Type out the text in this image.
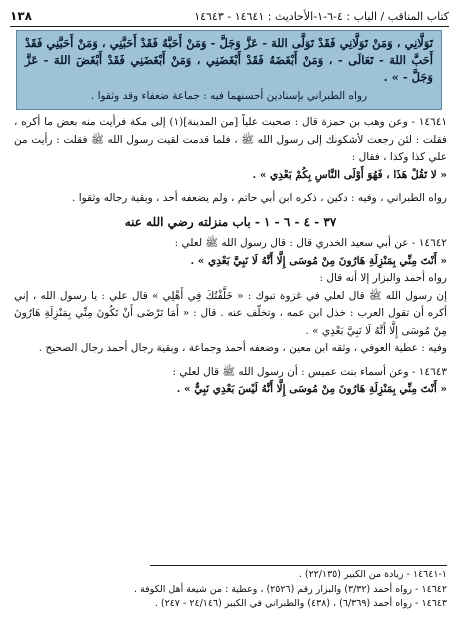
١٣٨	كتاب المناقب / الباب : ٤-٦-١-الأحاديث : ١٤٦٤١ - ١٤٦٤٣
تَوَلَّانِي ، وَمَنْ تَوَلَّانِي فَقَدْ تَوَلَّى اللهَ - عَزَّ وَجَلَّ - وَمَنْ أَحَبَّهُ فَقَدْ أَحَبَّنِي ، وَمَنْ أَحَبَّنِي فَقَدْ أَحَبَّ اللهَ - تَعَالَى - ، وَمَنْ أَبْغَضَهُ فَقَدْ أَبْغَضَنِي ، وَمَنْ أَبْغَضَنِي فَقَدْ أَبْغَضَ اللهَ - عَزَّ وَجَلَّ - » .
رواه الطبراني بإسنادين أحسنهما فيه : جماعة ضعفاء وقد وثقوا .

١٤٦٤١ - وعن وهب بن حمزة قال : صحبت علياً [من المدينة](١) إلى مكة فرأيت منه بعض ما أكره ، فقلت : لئن رجعت لأشكونك إلى رسول الله ﷺ ، فلما قدمت لقيت رسول الله ﷺ فقلت : رأيت من علي كذا وكذا ، فقال :

« لا تَقُلْ هَذَا ، فَهُوَ أَوْلَى النَّاسِ بِكُمْ بَعْدِي » .

رواه الطبراني ، وفيه : دكين ، ذكره ابن أبي حاتم ، ولم يضعفه أحد ، وبقية رجاله وثقوا .

٣٧ - ٤ - ٦ - ١ - باب منزلته رضي الله عنه

١٤٦٤٢ - عن أبي سعيد الخدري قال : قال رسول الله ﷺ لعلي :

« أَنْتَ مِنِّي بِمَنْزِلَةِ هَارُونَ مِنْ مُوسَى إِلَّا أَنَّهُ لَا نَبِيَّ بَعْدِي » .

رواه أحمد والبزار إلا أنه قال :

إن رسول الله ﷺ قال لعلي في غزوة تبوك : « خَلَّفْتُكَ فِي أَهْلِي » قال علي : يا رسول الله ، إني أكره أن تقول العرب : خذل ابن عمه ، وتخلّف عنه . قال : « أَمَا تَرْضَى أَنْ تَكُونَ مِنِّي بِمَنْزِلَةِ هَارُونَ مِنْ مُوسَى إِلَّا أَنَّهُ لَا نَبِيَّ بَعْدِي » .

وفيه : عطية العوفي ، وثقه ابن معين ، وضعفه أحمد وجماعة ، وبقية رجال أحمد رجال الصحيح .

١٤٦٤٣ - وعن أسماء بنت عميس : أن رسول الله ﷺ قال لعلي :

« أَنْتَ مِنِّي بِمَنْزِلَةِ هَارُونَ مِنْ مُوسَى إِلَّا أَنَّهُ لَيْسَ بَعْدِي نَبِيٌّ » .

١-١٤٦٤١ - زيادة من الكبير (٢٢/١٣٥) .

١٤٦٤٢ - رواه أحمد (٣/٣٢) والبزار رقم (٢٥٢٦) ، وعطية : من شيعة أهل الكوفة .

١٤٦٤٣ - رواه أحمد (٦/٣٦٩) ، (٤٣٨) والطبراني في الكبير (٢٤/١٤٦ - ٢٤٧) .
